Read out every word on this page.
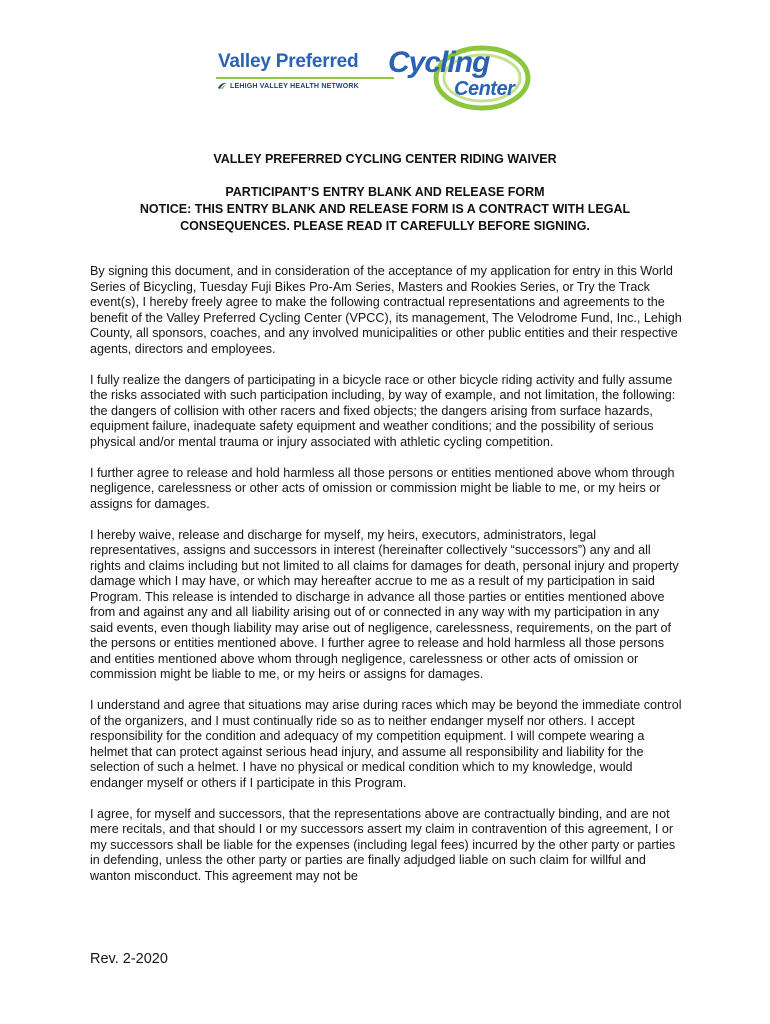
Valley Preferred
LEHIGH VALLEY HEALTH NETWORK
Cycling
Center
VALLEY PREFERRED CYCLING CENTER RIDING WAIVER
PARTICIPANT’S ENTRY BLANK AND RELEASE FORM
NOTICE: THIS ENTRY BLANK AND RELEASE FORM IS A CONTRACT WITH LEGAL
CONSEQUENCES. PLEASE READ IT CAREFULLY BEFORE SIGNING.

By signing this document, and in consideration of the acceptance of my application for entry in this World Series of Bicycling, Tuesday Fuji Bikes Pro-Am Series, Masters and Rookies Series, or Try the Track event(s), I hereby freely agree to make the following contractual representations and agreements to the benefit of the Valley Preferred Cycling Center (VPCC), its management, The Velodrome Fund, Inc., Lehigh County, all sponsors, coaches, and any involved municipalities or other public entities and their respective agents, directors and employees.

I fully realize the dangers of participating in a bicycle race or other bicycle riding activity and fully assume the risks associated with such participation including, by way of example, and not limitation, the following: the dangers of collision with other racers and fixed objects; the dangers arising from surface hazards, equipment failure, inadequate safety equipment and weather conditions; and the possibility of serious physical and/or mental trauma or injury associated with athletic cycling competition.

I further agree to release and hold harmless all those persons or entities mentioned above whom through negligence, carelessness or other acts of omission or commission might be liable to me, or my heirs or assigns for damages.

I hereby waive, release and discharge for myself, my heirs, executors, administrators, legal representatives, assigns and successors in interest (hereinafter collectively “successors”) any and all rights and claims including but not limited to all claims for damages for death, personal injury and property damage which I may have, or which may hereafter accrue to me as a result of my participation in said Program. This release is intended to discharge in advance all those parties or entities mentioned above from and against any and all liability arising out of or connected in any way with my participation in any said events, even though liability may arise out of negligence, carelessness, requirements, on the part of the persons or entities mentioned above. I further agree to release and hold harmless all those persons and entities mentioned above whom through negligence, carelessness or other acts of omission or commission might be liable to me, or my heirs or assigns for damages.

I understand and agree that situations may arise during races which may be beyond the immediate control of the organizers, and I must continually ride so as to neither endanger myself nor others. I accept responsibility for the condition and adequacy of my competition equipment. I will compete wearing a helmet that can protect against serious head injury, and assume all responsibility and liability for the selection of such a helmet. I have no physical or medical condition which to my knowledge, would endanger myself or others if I participate in this Program.

I agree, for myself and successors, that the representations above are contractually binding, and are not mere recitals, and that should I or my successors assert my claim in contravention of this agreement, I or my successors shall be liable for the expenses (including legal fees) incurred by the other party or parties in defending, unless the other party or parties are finally adjudged liable on such claim for willful and wanton misconduct. This agreement may not be

Rev. 2-2020
